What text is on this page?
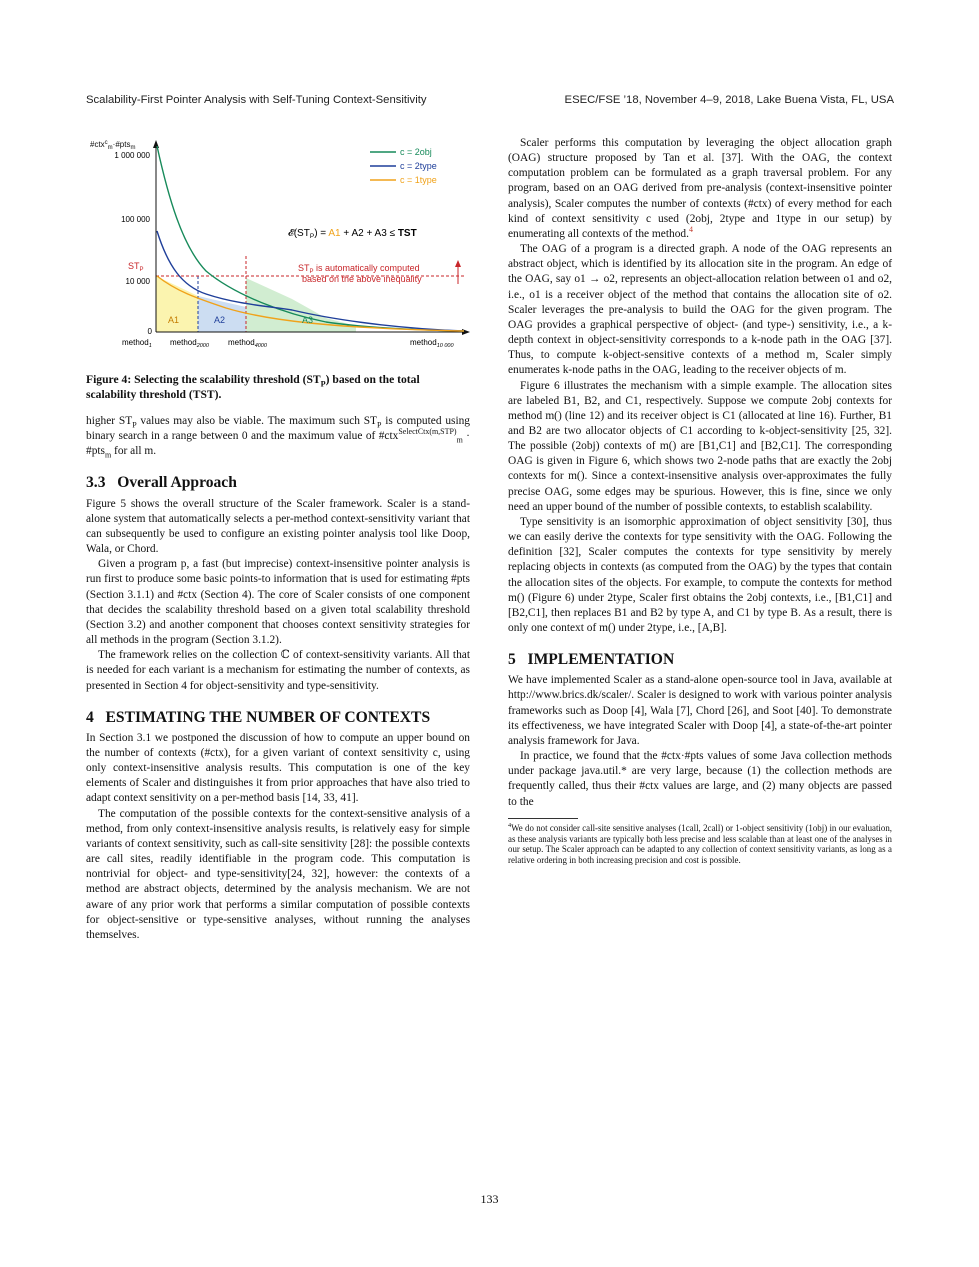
Scalability-First Pointer Analysis with Self-Tuning Context-Sensitivity	ESEC/FSE ’18, November 4–9, 2018, Lake Buena Vista, FL, USA
#ctx$^c_m$·#pts$_m$
1 000 000
100 000
10 000
0
$ST_P$
method$_1$ method$_{2000}$ method$_{4000}$	method$_{10 000}$
c = 2obj
c = 2type
c = 1type
$𝓔(ST_P) = A1 + A2 + A3$ ≤ TST
$ST_P$ is automatically computed
based on the above inequality
A1	A2	A3

Figure 4: Selecting the scalability threshold $(ST_P)$ based on the total scalability threshold (TST).

higher $ST_P$ values may also be viable. The maximum such $ST_P$ is computed using binary search in a range between 0 and the maximum value of #ctx$^{SelectCtx(m,STP)}_m$ · #pts$_m$ for all m.

3.3 Overall Approach

Figure 5 shows the overall structure of the Scaler framework. Scaler is a stand-alone system that automatically selects a per-method context-sensitivity variant that can subsequently be used to configure an existing pointer analysis tool like Doop, Wala, or Chord.

Given a program p, a fast (but imprecise) context-insensitive pointer analysis is run first to produce some basic points-to information that is used for estimating #pts (Section 3.1.1) and #ctx (Section 4). The core of Scaler consists of one component that decides the scalability threshold based on a given total scalability threshold (Section 3.2) and another component that chooses context sensitivity strategies for all methods in the program (Section 3.1.2).

The framework relies on the collection ℂ of context-sensitivity variants. All that is needed for each variant is a mechanism for estimating the number of contexts, as presented in Section 4 for object-sensitivity and type-sensitivity.

4 ESTIMATING THE NUMBER OF CONTEXTS

In Section 3.1 we postponed the discussion of how to compute an upper bound on the number of contexts (#ctx), for a given variant of context sensitivity c, using only context-insensitive analysis results. This computation is one of the key elements of Scaler and distinguishes it from prior approaches that have also tried to adapt context sensitivity on a per-method basis [14, 33, 41].

The computation of the possible contexts for the context-sensitive analysis of a method, from only context-insensitive analysis results, is relatively easy for simple variants of context sensitivity, such as call-site sensitivity [28]: the possible contexts are call sites, readily identifiable in the program code. This computation is nontrivial for object- and type-sensitivity[24, 32], however: the contexts of a method are abstract objects, determined by the analysis mechanism. We are not aware of any prior work that performs a similar computation of possible contexts for object-sensitive or type-sensitive analyses, without running the analyses themselves.

Scaler performs this computation by leveraging the object allocation graph (OAG) structure proposed by Tan et al. [37]. With the OAG, the context computation problem can be formulated as a graph traversal problem. For any program, based on an OAG derived from pre-analysis (context-insensitive pointer analysis), Scaler computes the number of contexts (#ctx) of every method for each kind of context sensitivity c used (2obj, 2type and 1type in our setup) by enumerating all contexts of the method.$^4$

The OAG of a program is a directed graph. A node of the OAG represents an abstract object, which is identified by its allocation site in the program. An edge of the OAG, say o1 → o2, represents an object-allocation relation between o1 and o2, i.e., o1 is a receiver object of the method that contains the allocation site of o2. Scaler leverages the pre-analysis to build the OAG for the given program. The OAG provides a graphical perspective of object- (and type-) sensitivity, i.e., a k-depth context in object-sensitivity corresponds to a k-node path in the OAG [37]. Thus, to compute k-object-sensitive contexts of a method m, Scaler simply enumerates k-node paths in the OAG, leading to the receiver objects of m.

Figure 6 illustrates the mechanism with a simple example. The allocation sites are labeled B1, B2, and C1, respectively. Suppose we compute 2obj contexts for method m() (line 12) and its receiver object is C1 (allocated at line 16). Further, B1 and B2 are two allocator objects of C1 according to k-object-sensitivity [25, 32]. The possible (2obj) contexts of m() are [B1,C1] and [B2,C1]. The corresponding OAG is given in Figure 6, which shows two 2-node paths that are exactly the 2obj contexts for m(). Since a context-insensitive analysis over-approximates the fully precise OAG, some edges may be spurious. However, this is fine, since we only need an upper bound of the number of possible contexts, to establish scalability.

Type sensitivity is an isomorphic approximation of object sensitivity [30], thus we can easily derive the contexts for type sensitivity with the OAG. Following the definition [32], Scaler computes the contexts for type sensitivity by merely replacing objects in contexts (as computed from the OAG) by the types that contain the allocation sites of the objects. For example, to compute the contexts for method m() (Figure 6) under 2type, Scaler first obtains the 2obj contexts, i.e., [B1,C1] and [B2,C1], then replaces B1 and B2 by type A, and C1 by type B. As a result, there is only one context of m() under 2type, i.e., [A,B].

5 IMPLEMENTATION

We have implemented Scaler as a stand-alone open-source tool in Java, available at http://www.brics.dk/scaler/. Scaler is designed to work with various pointer analysis frameworks such as Doop [4], Wala [7], Chord [26], and Soot [40]. To demonstrate its effectiveness, we have integrated Scaler with Doop [4], a state-of-the-art pointer analysis framework for Java.

In practice, we found that the #ctx·#pts values of some Java collection methods under package java.util.* are very large, because (1) the collection methods are frequently called, thus their #ctx values are large, and (2) many objects are passed to the

$^4$We do not consider call-site sensitive analyses (1call, 2call) or 1-object sensitivity (1obj) in our evaluation, as these analysis variants are typically both less precise and less scalable than at least one of the analyses in our setup. The Scaler approach can be adapted to any collection of context sensitivity variants, as long as a relative ordering in both increasing precision and cost is possible.

133
